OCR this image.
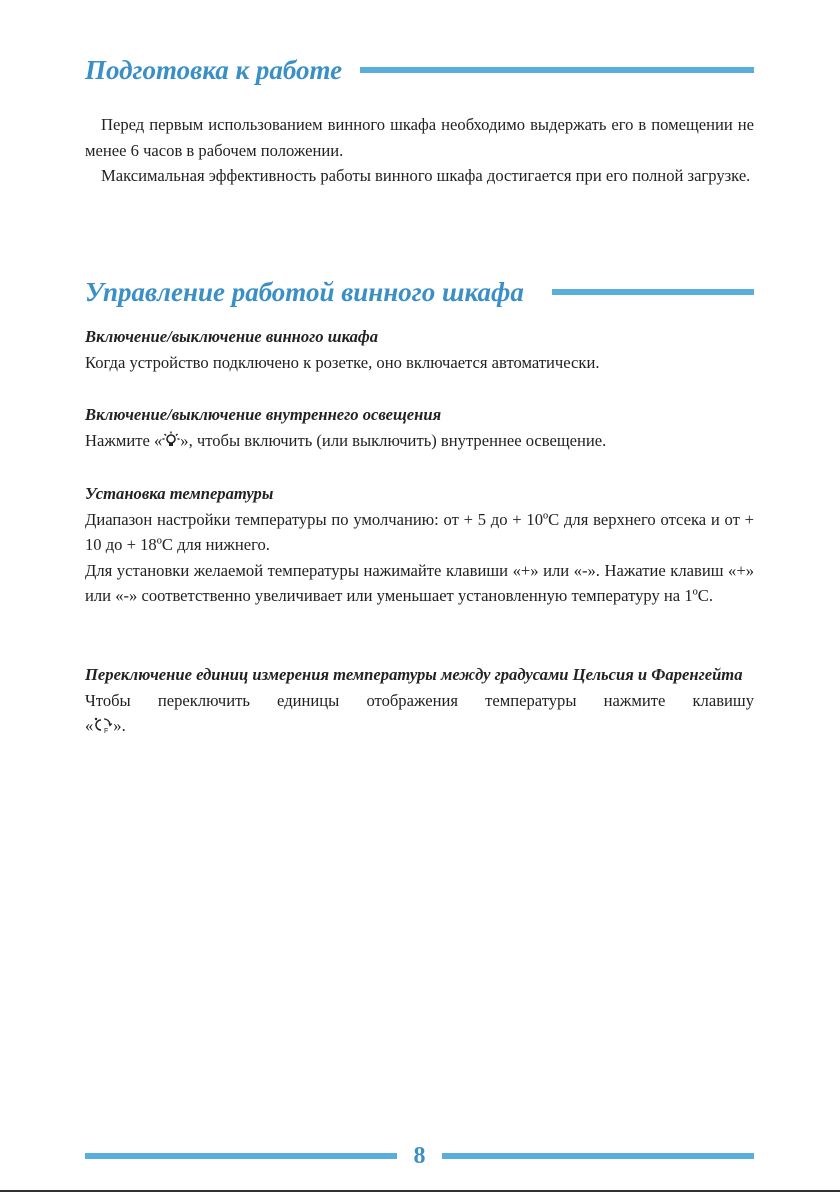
Подготовка к работе

Перед первым использованием винного шкафа необходимо выдержать его в помещении не менее 6 часов в рабочем положении.

Максимальная эффективность работы винного шкафа достигается при его полной загрузке.

Управление работой винного шкафа
Включение/выключение винного шкафа

Когда устройство подключено к розетке, оно включается автоматически.

Включение/выключение внутреннего освещения

Нажмите « », чтобы включить (или выключить) внутреннее освещение.

Установка температуры

Диапазон настройки температуры по умолчанию: от + 5 до + 10ºC для верхнего отсека и от + 10 до + 18ºC для нижнего.

Для установки желаемой температуры нажимайте клавиши «+» или «-». Нажатие клавиш «+» или «-» соответственно увеличивает или уменьшает установленную температуру на 1ºC.

Переключение единиц измерения температуры между градусами Цельсия и Фаренгейта

Чтобы переключить единицы отображения температуры нажмите клавишу

« F ».

8
